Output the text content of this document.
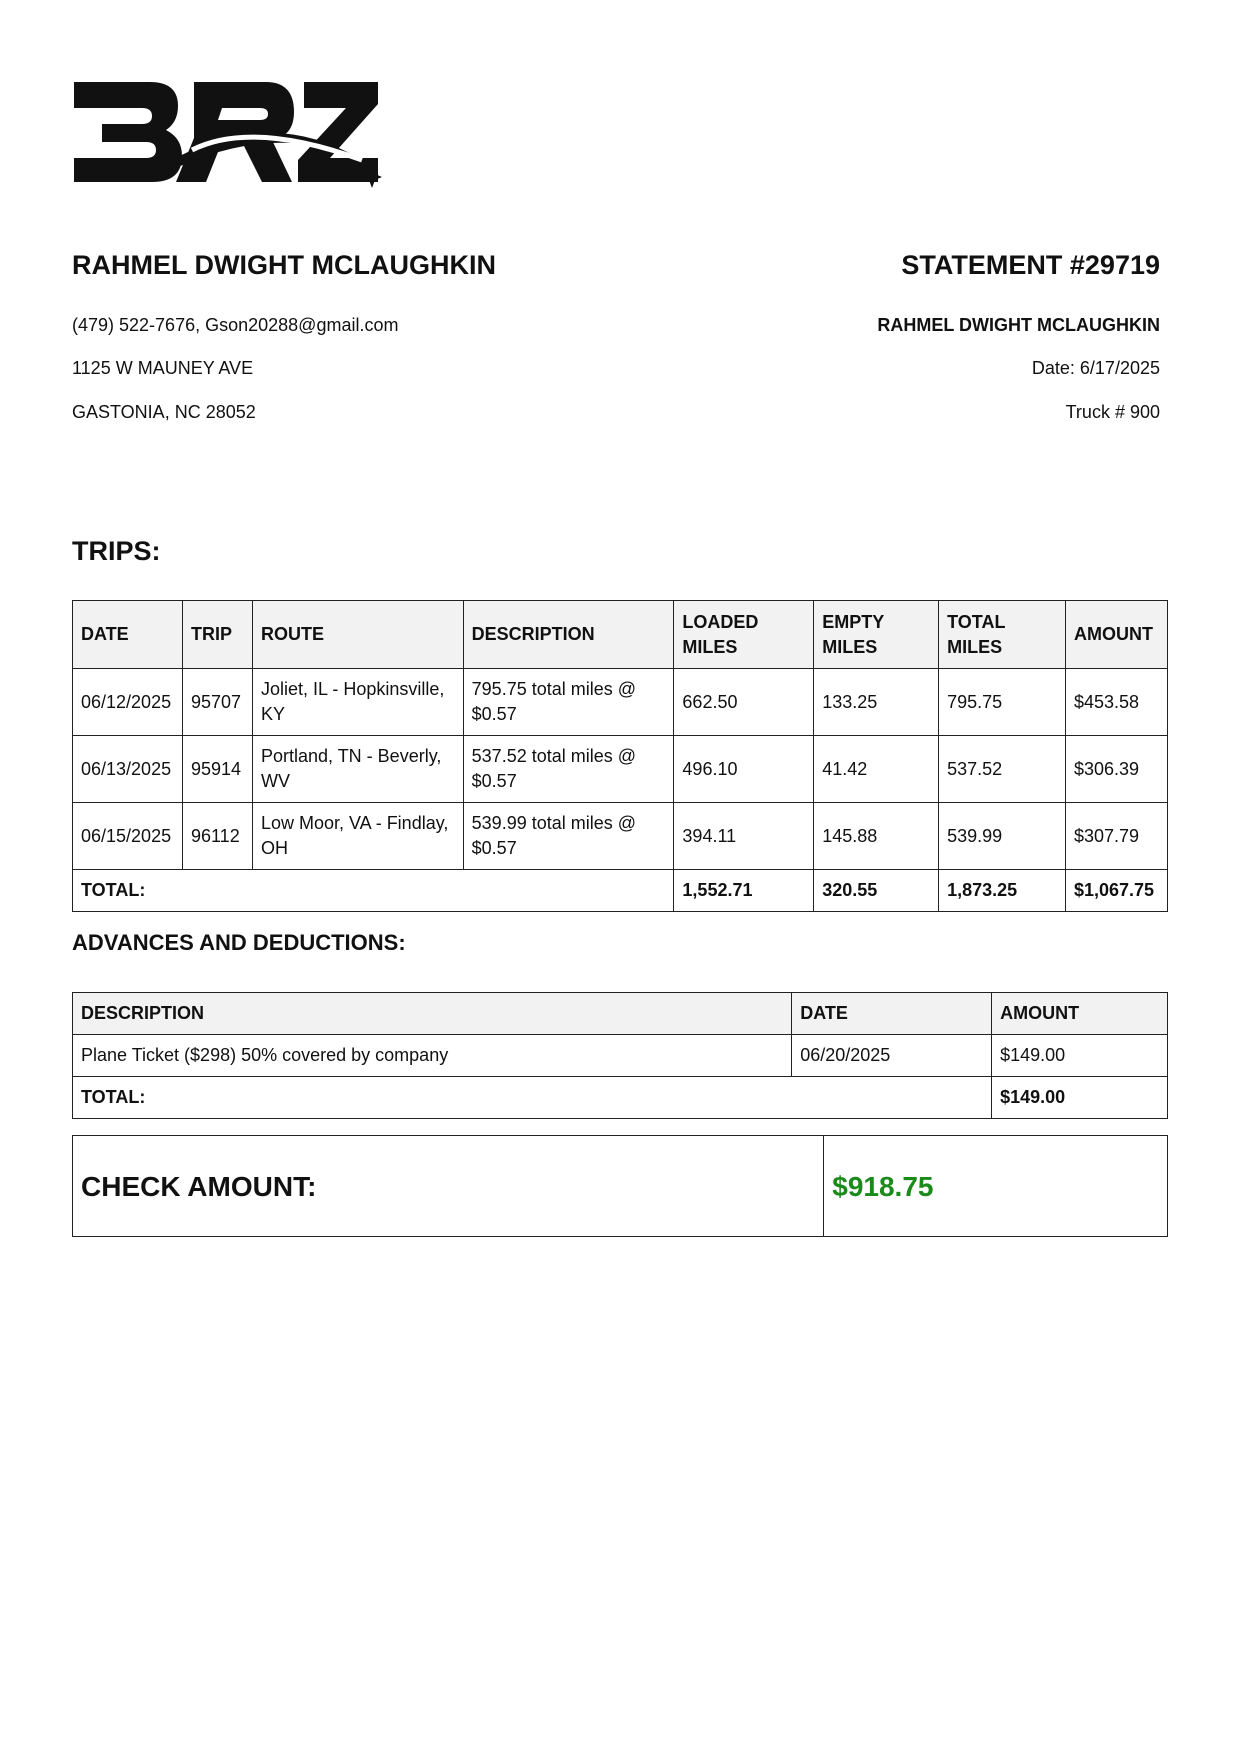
RAHMEL DWIGHT MCLAUGHKIN
(479) 522-7676, Gson20288@gmail.com
1125 W MAUNEY AVE
GASTONIA, NC 28052
STATEMENT #29719
RAHMEL DWIGHT MCLAUGHKIN
Date: 6/17/2025
Truck # 900
TRIPS:
DATE	TRIP	ROUTE	DESCRIPTION	LOADED MILES	EMPTY MILES	TOTAL MILES	AMOUNT
06/12/2025	95707	Joliet, IL - Hopkinsville, KY	795.75 total miles @ $0.57	662.50	133.25	795.75	$453.58
06/13/2025	95914	Portland, TN - Beverly, WV	537.52 total miles @ $0.57	496.10	41.42	537.52	$306.39
06/15/2025	96112	Low Moor, VA - Findlay, OH	539.99 total miles @ $0.57	394.11	145.88	539.99	$307.79
TOTAL:				1,552.71	320.55	1,873.25	$1,067.75
ADVANCES AND DEDUCTIONS:
DESCRIPTION	DATE	AMOUNT
Plane Ticket ($298) 50% covered by company	06/20/2025	$149.00
TOTAL:		$149.00
CHECK AMOUNT:	$918.75
